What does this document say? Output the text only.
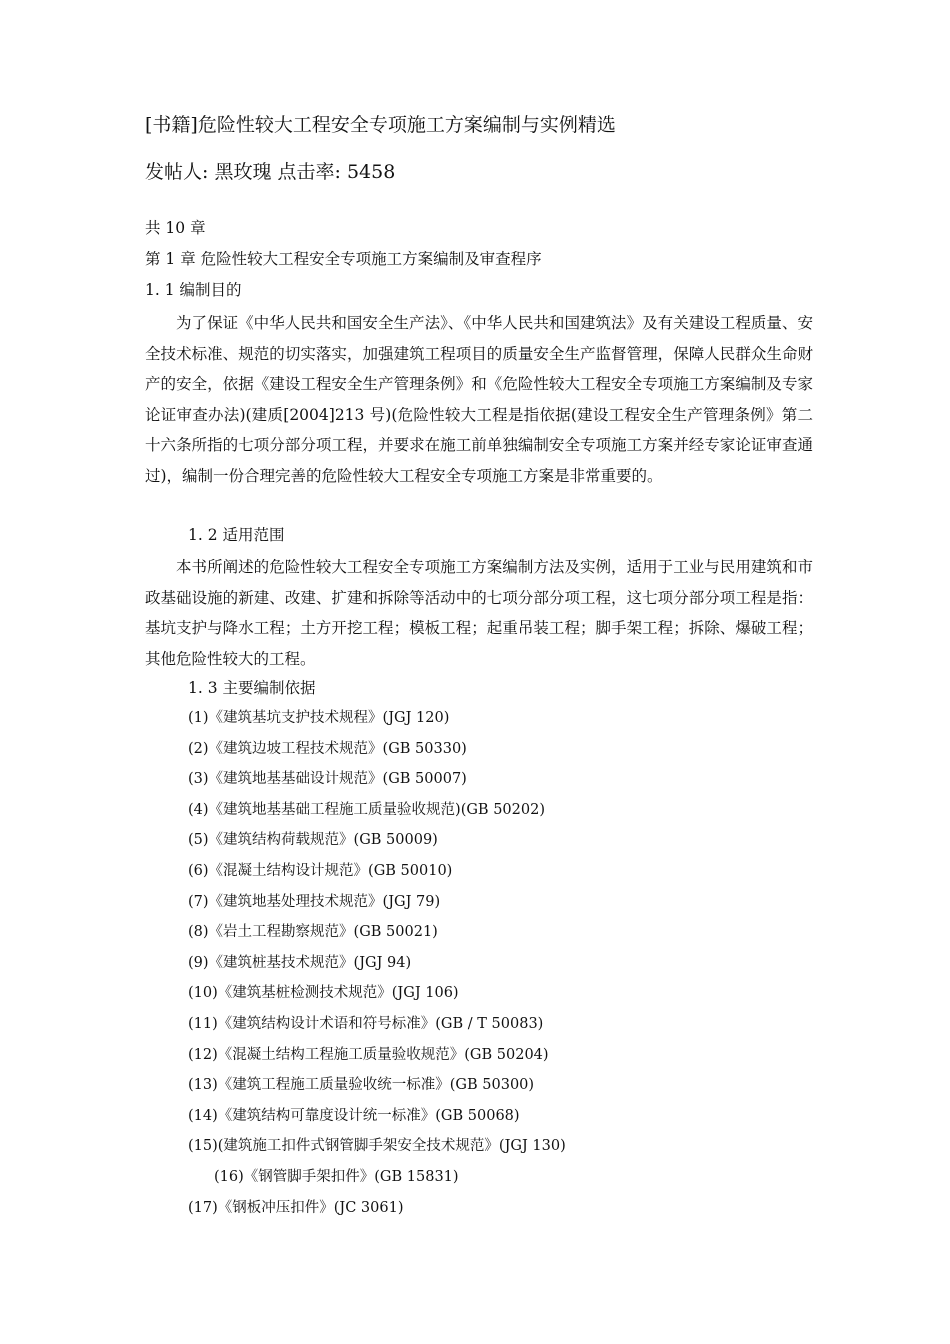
[书籍]危险性较大工程安全专项施工方案编制与实例精选
发帖人: 黑玫瑰 点击率: 5458
共 10 章
第 1 章 危险性较大工程安全专项施工方案编制及审查程序
1. 1 编制目的
为了保证《中华人民共和国安全生产法》、《中华人民共和国建筑法》及有关建设工程质量、安全技术标准、规范的切实落实，加强建筑工程项目的质量安全生产监督管理，保障人民群众生命财产的安全，依据《建设工程安全生产管理条例》和《危险性较大工程安全专项施工方案编制及专家论证审查办法)(建质[2004]213 号)(危险性较大工程是指依据(建设工程安全生产管理条例》第二十六条所指的七项分部分项工程，并要求在施工前单独编制安全专项施工方案并经专家论证审查通过)，编制一份合理完善的危险性较大工程安全专项施工方案是非常重要的。
1. 2 适用范围
本书所阐述的危险性较大工程安全专项施工方案编制方法及实例，适用于工业与民用建筑和市政基础设施的新建、改建、扩建和拆除等活动中的七项分部分项工程，这七项分部分项工程是指：基坑支护与降水工程；土方开挖工程；模板工程；起重吊装工程；脚手架工程；拆除、爆破工程；其他危险性较大的工程。
1. 3 主要编制依据
(1)《建筑基坑支护技术规程》(JGJ 120)
(2)《建筑边坡工程技术规范》(GB 50330)
(3)《建筑地基基础设计规范》(GB 50007)
(4)《建筑地基基础工程施工质量验收规范)(GB 50202)
(5)《建筑结构荷载规范》(GB 50009)
(6)《混凝土结构设计规范》(GB 50010)
(7)《建筑地基处理技术规范》(JGJ 79)
(8)《岩土工程勘察规范》(GB 50021)
(9)《建筑桩基技术规范》(JGJ 94)
(10)《建筑基桩检测技术规范》(JGJ 106)
(11)《建筑结构设计术语和符号标准》(GB / T 50083)
(12)《混凝土结构工程施工质量验收规范》(GB 50204)
(13)《建筑工程施工质量验收统一标准》(GB 50300)
(14)《建筑结构可靠度设计统一标准》(GB 50068)
(15)(建筑施工扣件式钢管脚手架安全技术规范》(JGJ 130)
(16)《钢管脚手架扣件》(GB 15831)
(17)《钢板冲压扣件》(JC 3061)
